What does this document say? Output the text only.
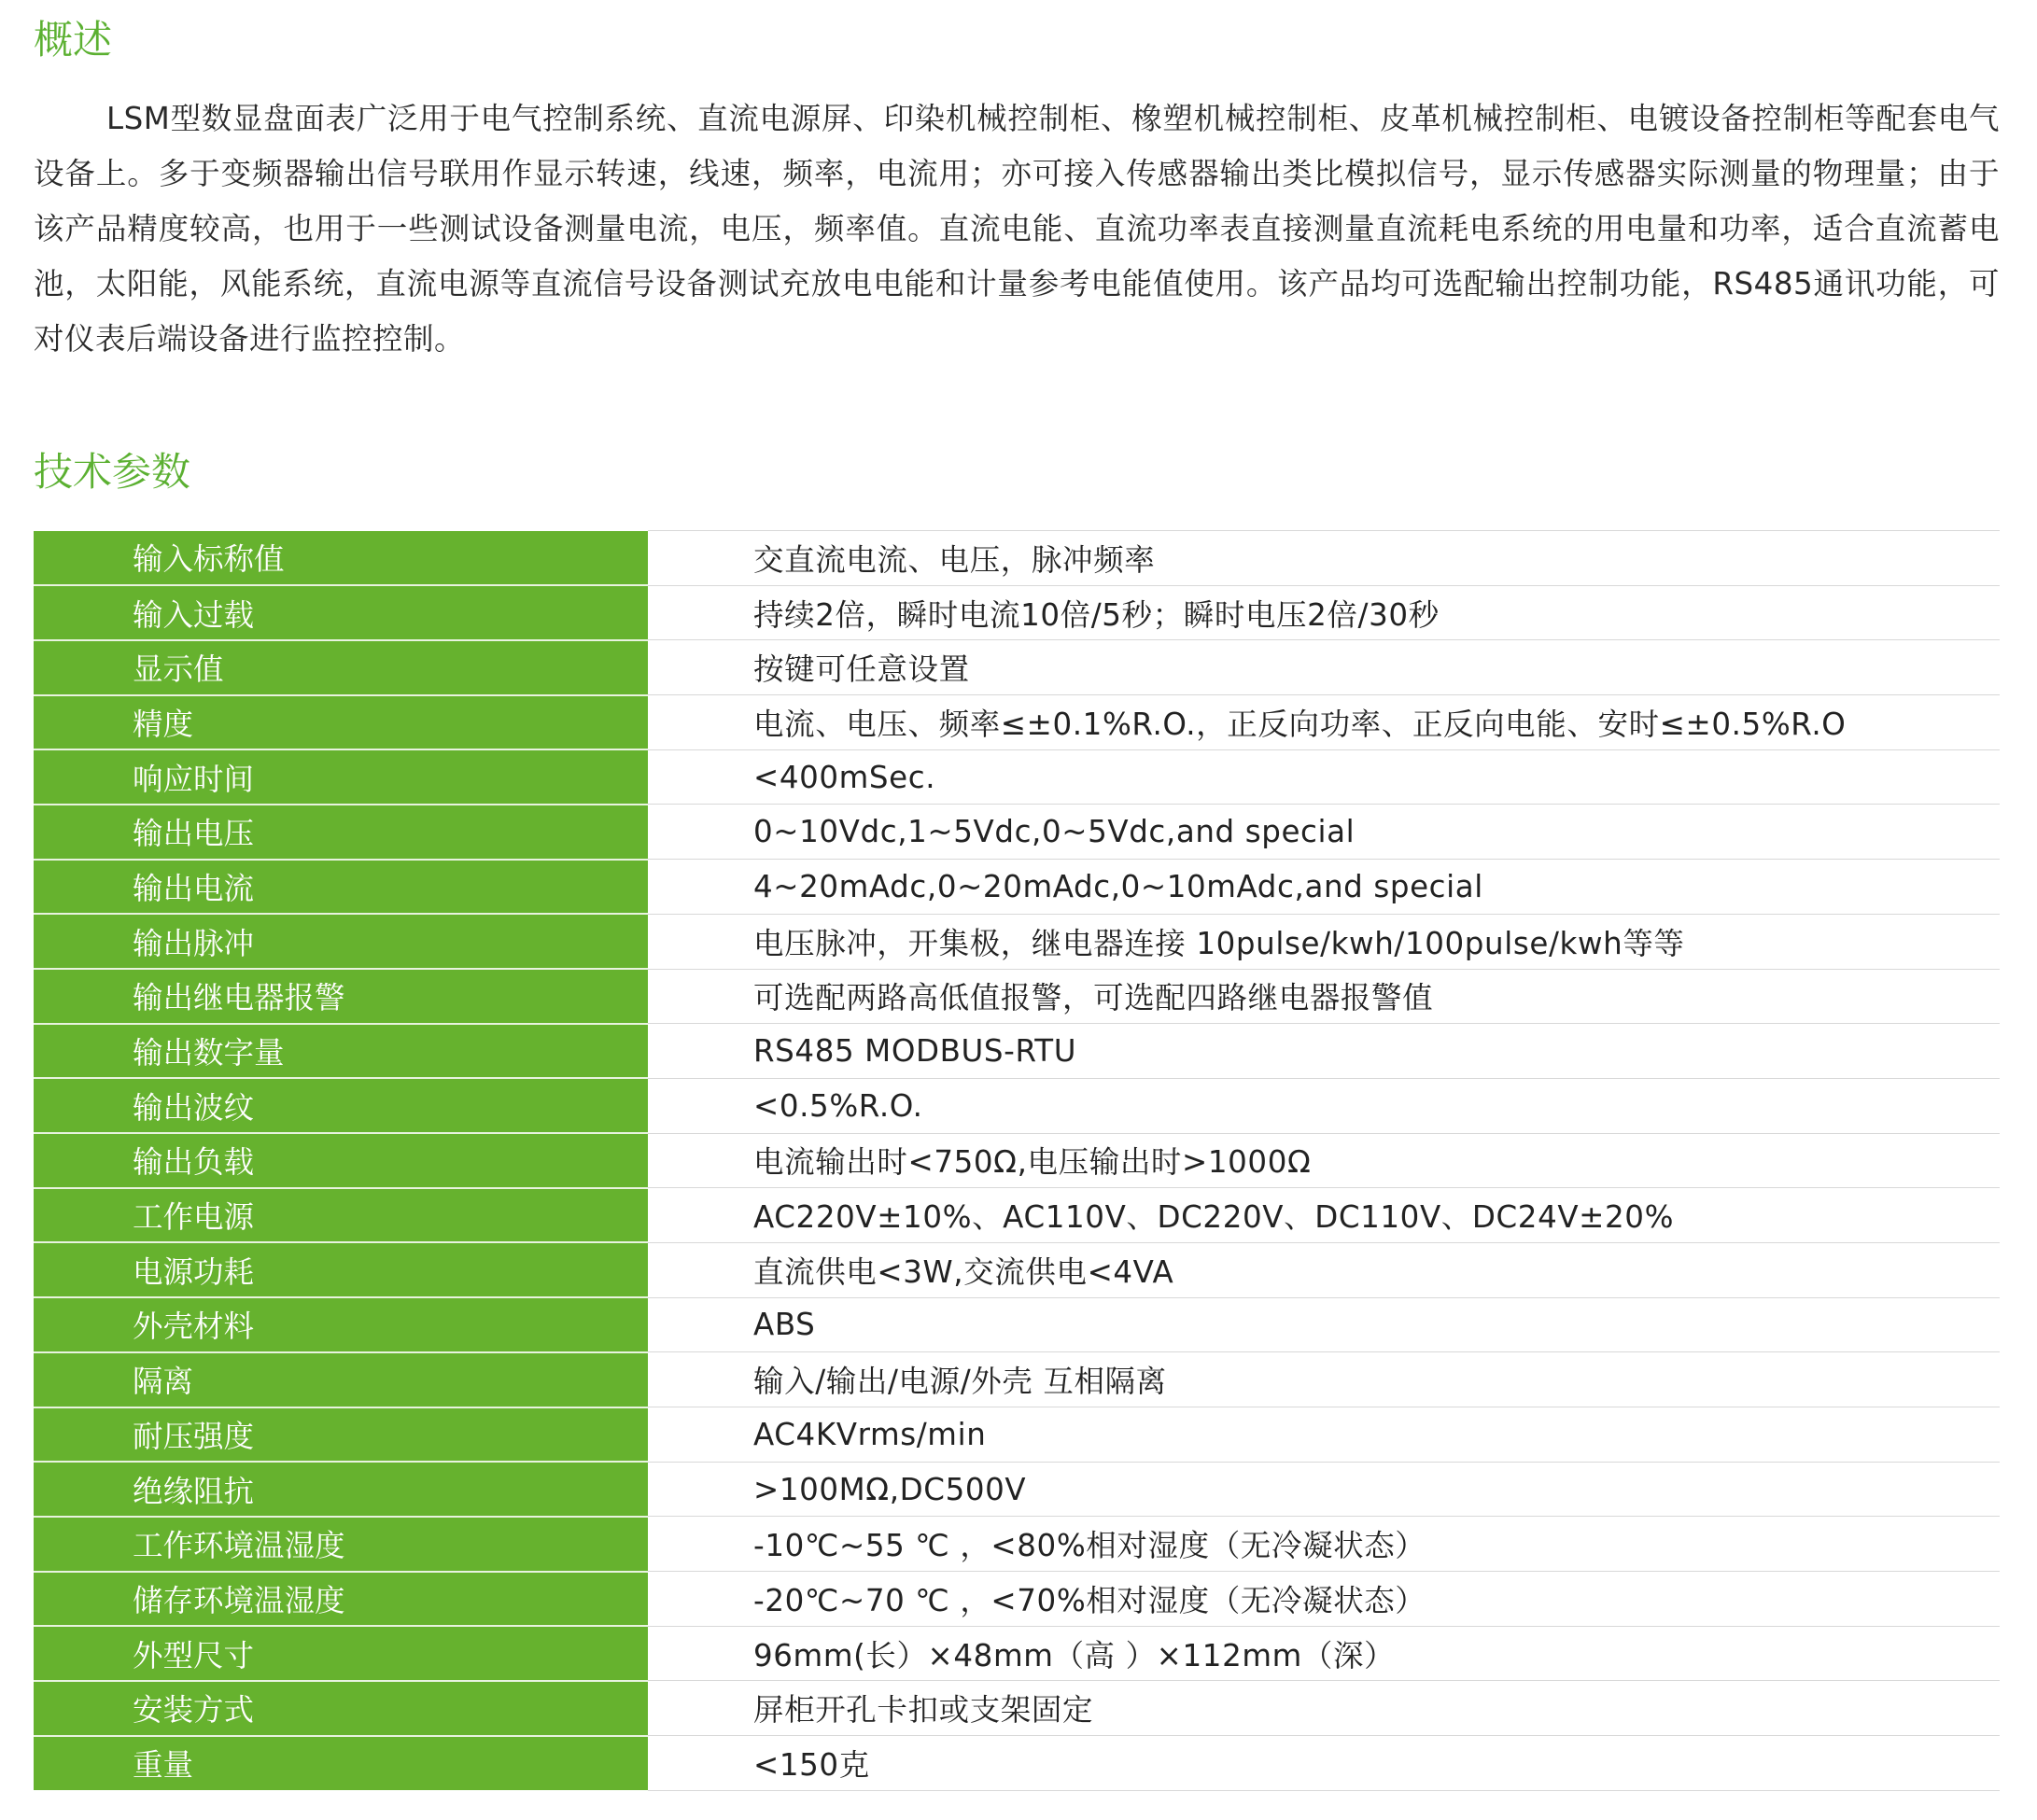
概述

LSM型数显盘面表广泛用于电气控制系统、直流电源屏、印染机械控制柜、橡塑机械控制柜、皮革机械控制柜、电镀设备控制柜等配套电气设备上。多于变频器输出信号联用作显示转速，线速，频率，电流用；亦可接入传感器输出类比模拟信号，显示传感器实际测量的物理量；由于该产品精度较高，也用于一些测试设备测量电流，电压，频率值。直流电能、直流功率表直接测量直流耗电系统的用电量和功率，适合直流蓄电池，太阳能，风能系统，直流电源等直流信号设备测试充放电电能和计量参考电能值使用。该产品均可选配输出控制功能，RS485通讯功能，可对仪表后端设备进行监控控制。

技术参数
输入标称值	交直流电流、电压，脉冲频率
输入过载	持续2倍，瞬时电流10倍/5秒；瞬时电压2倍/30秒
显示值	按键可任意设置
精度	电流、电压、频率≤±0.1%R.O.，正反向功率、正反向电能、安时≤±0.5%R.O
响应时间	<400mSec.
输出电压	0~10Vdc,1~5Vdc,0~5Vdc,and special
输出电流	4~20mAdc,0~20mAdc,0~10mAdc,and special
输出脉冲	电压脉冲，开集极，继电器连接 10pulse/kwh/100pulse/kwh等等
输出继电器报警	可选配两路高低值报警，可选配四路继电器报警值
输出数字量	RS485 MODBUS-RTU
输出波纹	<0.5%R.O.
输出负载	电流输出时<750Ω,电压输出时>1000Ω
工作电源	AC220V±10%、AC110V、DC220V、DC110V、DC24V±20%
电源功耗	直流供电<3W,交流供电<4VA
外壳材料	ABS
隔离	输入/输出/电源/外壳 互相隔离
耐压强度	AC4KVrms/min
绝缘阻抗	>100MΩ,DC500V
工作环境温湿度	-10℃~55 ℃ ，<80%相对湿度（无冷凝状态）
储存环境温湿度	-20℃~70 ℃ ，<70%相对湿度（无冷凝状态）
外型尺寸	96mm(长）×48mm（高 ）×112mm（深）
安装方式	屏柜开孔卡扣或支架固定
重量	<150克
